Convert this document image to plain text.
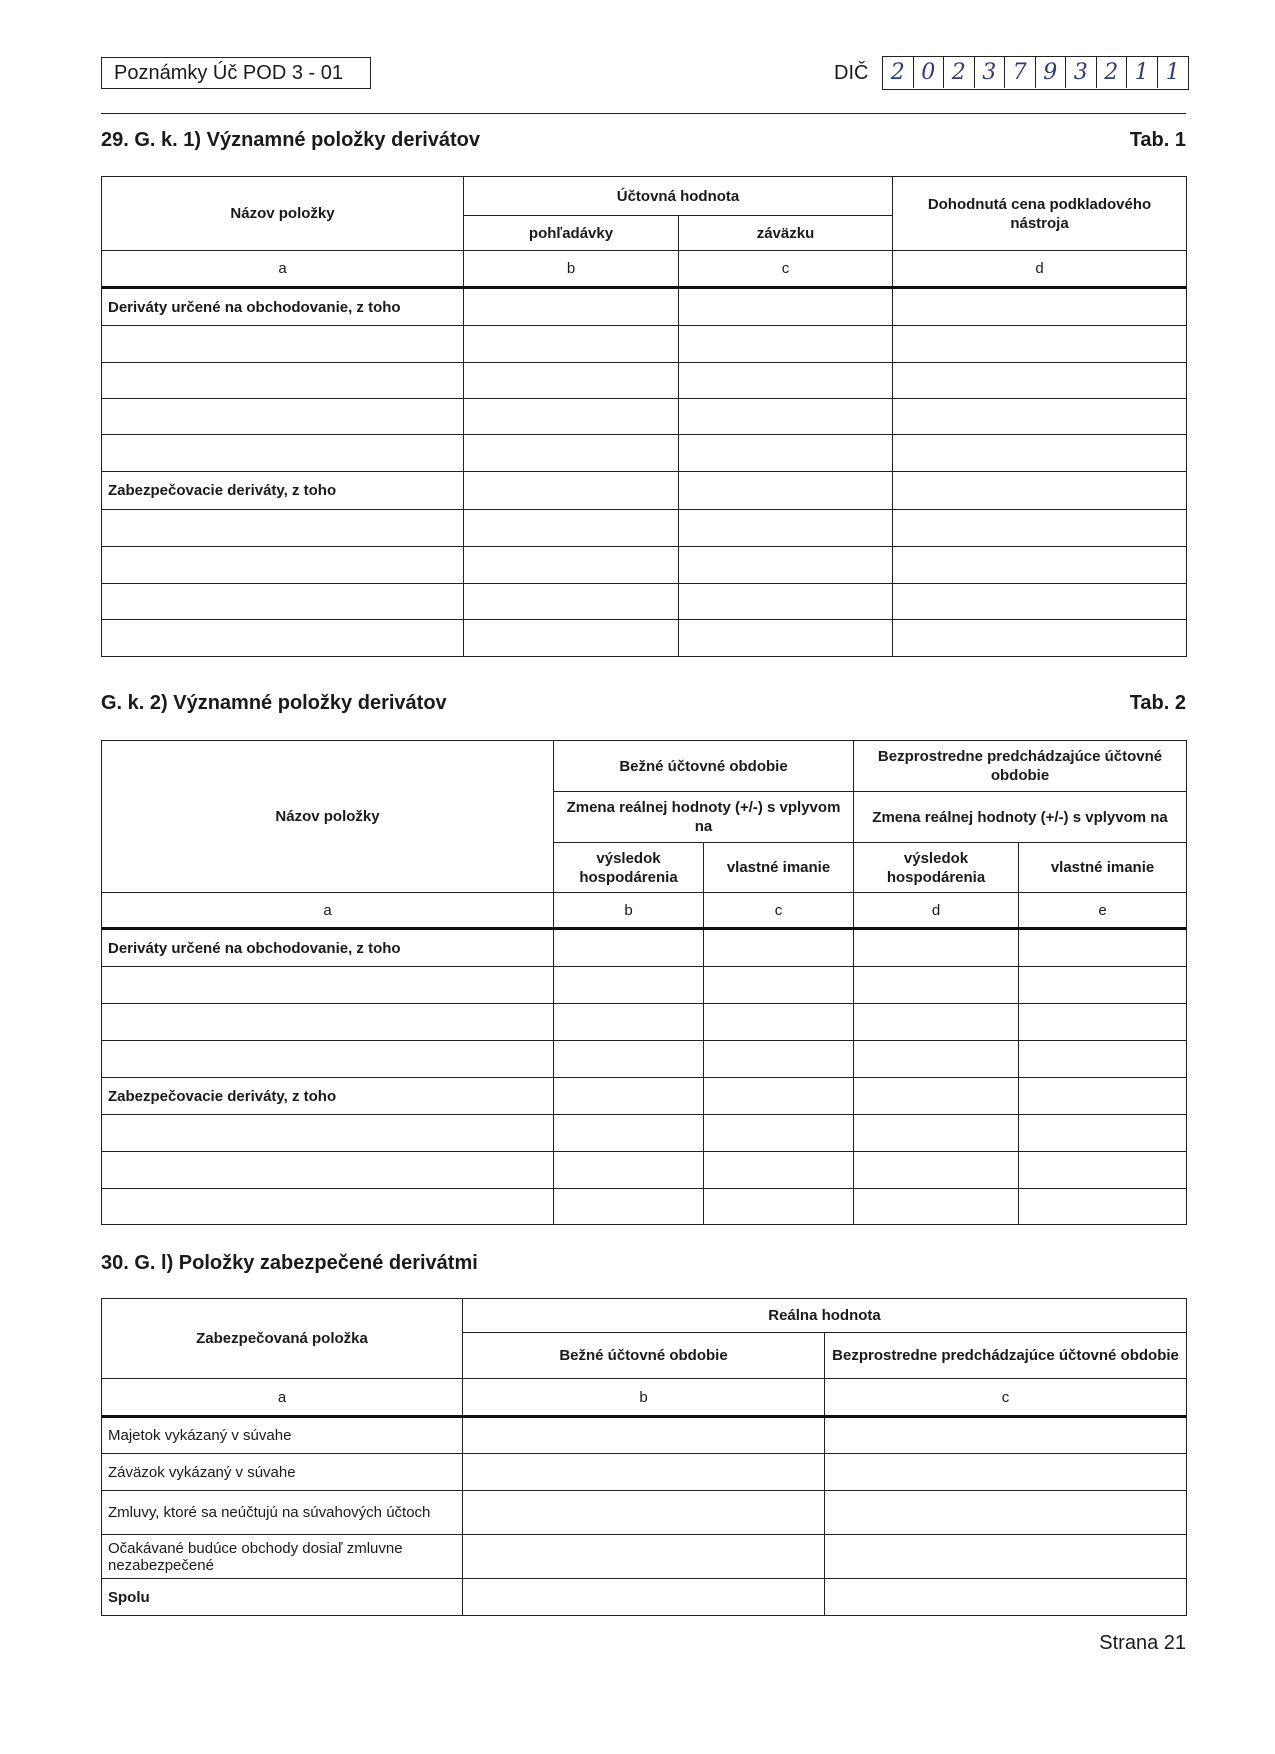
Poznámky Úč POD 3 - 01	DIČ	2 0 2 3 7 9 3 2 1 1
29. G. k. 1) Významné položky derivátov	Tab. 1
Názov položky	Účtovná hodnota		Dohodnutá cena podkladového nástroja
	pohľadávky	záväzku	
a	b	c	d
Deriváty určené na obchodovanie, z toho			

Zabezpečovacie deriváty, z toho			

G. k. 2) Významné položky derivátov	Tab. 2
Názov položky	Bežné účtovné obdobie		Bezprostredne predchádzajúce účtovné obdobie	
	Zmena reálnej hodnoty (+/-) s vplyvom na		Zmena reálnej hodnoty (+/-) s vplyvom na	
	výsledok hospodárenia	vlastné imanie	výsledok hospodárenia	vlastné imanie
a	b	c	d	e
Deriváty určené na obchodovanie, z toho				

Zabezpečovacie deriváty, z toho				

30. G. l) Položky zabezpečené derivátmi
Zabezpečovaná položka	Reálna hodnota	
	Bežné účtovné obdobie	Bezprostredne predchádzajúce účtovné obdobie
a	b	c
Majetok vykázaný v súvahe		
Záväzok vykázaný v súvahe		
Zmluvy, ktoré sa neúčtujú na súvahových účtoch		
Očakávané budúce obchody dosiaľ zmluvne nezabezpečené		
Spolu		
Strana 21
